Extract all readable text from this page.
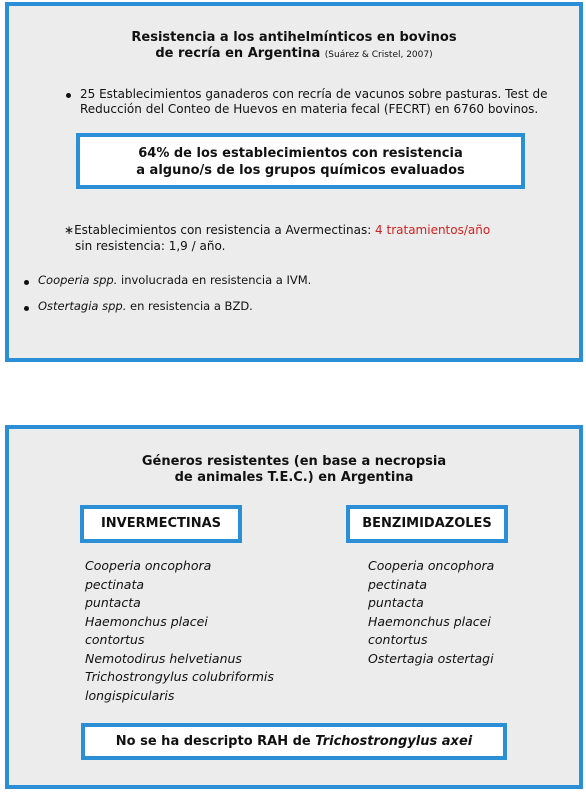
Resistencia a los antihelmínticos en bovinos
de recría en Argentina (Suárez & Cristel, 2007)
25 Establecimientos ganaderos con recría de vacunos sobre pasturas. Test de
Reducción del Conteo de Huevos en materia fecal (FECRT) en 6760 bovinos.
64% de los establecimientos con resistencia
a alguno/s de los grupos químicos evaluados
∗Establecimientos con resistencia a Avermectinas: 4 tratamientos/año
sin resistencia: 1,9 / año.
Cooperia spp. involucrada en resistencia a IVM.
Ostertagia spp. en resistencia a BZD.
Géneros resistentes (en base a necropsia
de animales T.E.C.) en Argentina
INVERMECTINAS	BENZIMIDAZOLES
Cooperia oncophora
pectinata
puntacta
Haemonchus placei
contortus
Nemotodirus helvetianus
Trichostrongylus colubriformis
longispicularis
Cooperia oncophora
pectinata
puntacta
Haemonchus placei
contortus
Ostertagia ostertagi
No se ha descripto RAH de Trichostrongylus axei
